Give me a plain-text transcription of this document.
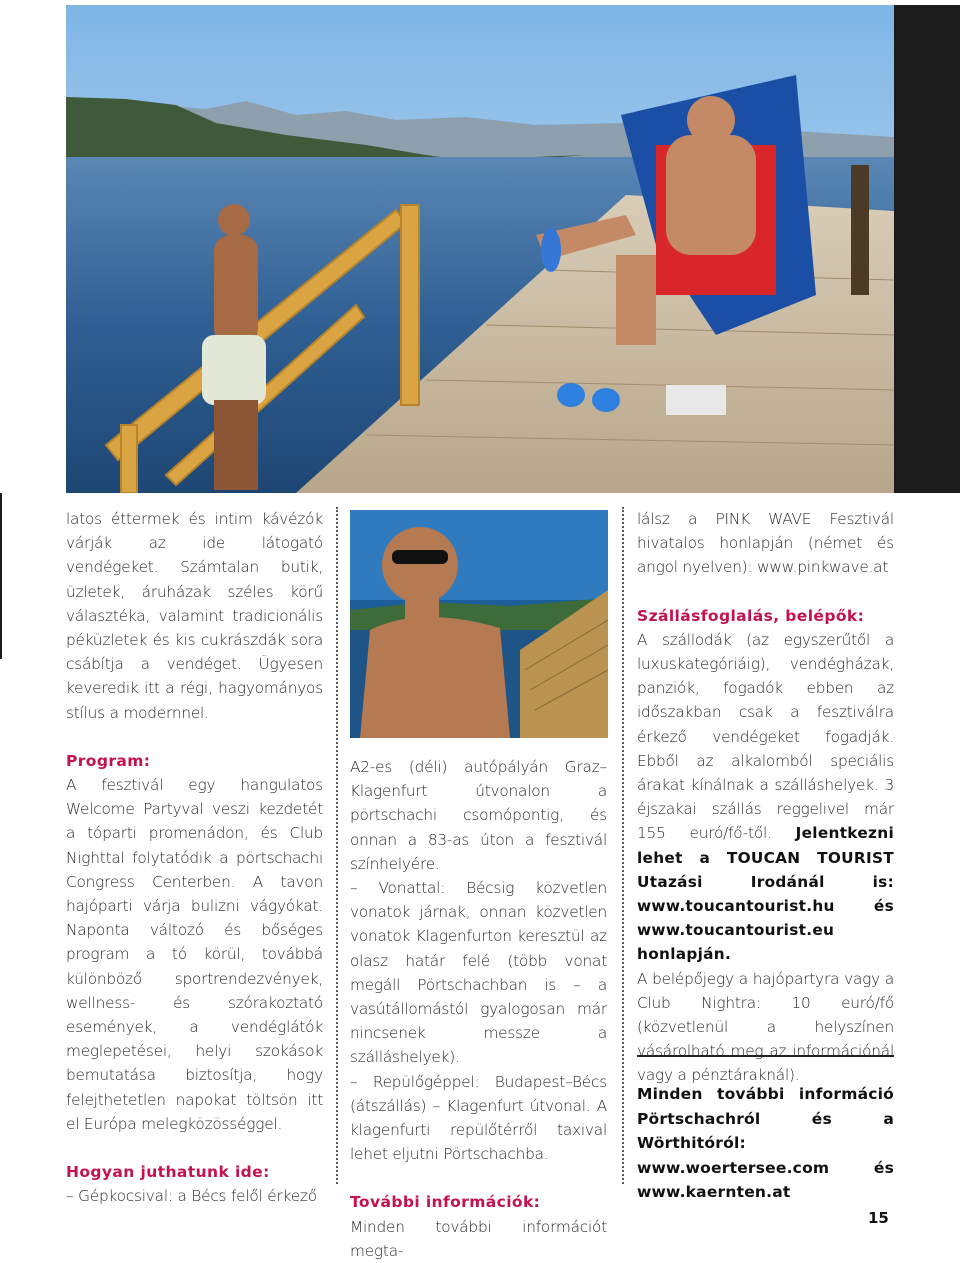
latos éttermek és intim kávézók várják az ide látogató vendégeket. Számtalan butik, üzletek, áruházak széles körű választéka, valamint tradicionális péküzletek és kis cukrászdák sora csábítja a vendéget. Ügyesen keveredik itt a régi, hagyományos stílus a modernnel.

Program:

A fesztivál egy hangulatos Welcome Partyval veszi kezdetét a tóparti promenádon, és Club Nighttal folytatódik a pörtschachi Congress Centerben. A tavon hajóparti várja bulizni vágyókat. Naponta változó és bőséges program a tó körül, továbbá különböző sportrendezvények, wellness- és szórakoztató események, a vendéglátók meglepetései, helyi szokások bemutatása biztosítja, hogy felejthetetlen napokat töltsön itt el Európa melegközösséggel.

Hogyan juthatunk ide:

– Gépkocsival: a Bécs felől érkező

A2-es (déli) autópályán Graz–Klagenfurt útvonalon a pörtschachi csomópontig, és onnan a 83-as úton a fesztivál színhelyére.

– Vonattal: Bécsig közvetlen vonatok járnak, onnan közvetlen vonatok Klagenfurton keresztül az olasz határ felé (több vonat megáll Pörtschachban is – a vasútállomástól gyalogosan már nincsenek messze a szálláshelyek).

– Repülőgéppel: Budapest–Bécs (átszállás) – Klagenfurt útvonal. A klagenfurti repülőtérről taxival lehet eljutni Pörtschachba.

További információk:

Minden további információt megta-

lálsz a PINK WAVE Fesztivál hivatalos honlapján (német és angol nyelven): www.pinkwave.at

Szállásfoglalás, belépők:

A szállodák (az egyszerűtől a luxuskategóriáig), vendégházak, panziók, fogadók ebben az időszakban csak a fesztiválra érkező vendégeket fogadják. Ebből az alkalomból speciális árakat kínálnak a szálláshelyek. 3 éjszakai szállás reggelivel már 155 euró/fő-től. Jelentkezni lehet a TOUCAN TOURIST Utazási Irodánál is: www.toucantourist.hu és www.toucantourist.eu honlapján.

A belépőjegy a hajópartyra vagy a Club Nightra: 10 euró/fő (közvetlenül a helyszínen vásárolható meg az információnál vagy a pénztáraknál).

Minden további információ Pörtschachról és a Wörthitóról: www.woertersee.com és www.kaernten.at
15
